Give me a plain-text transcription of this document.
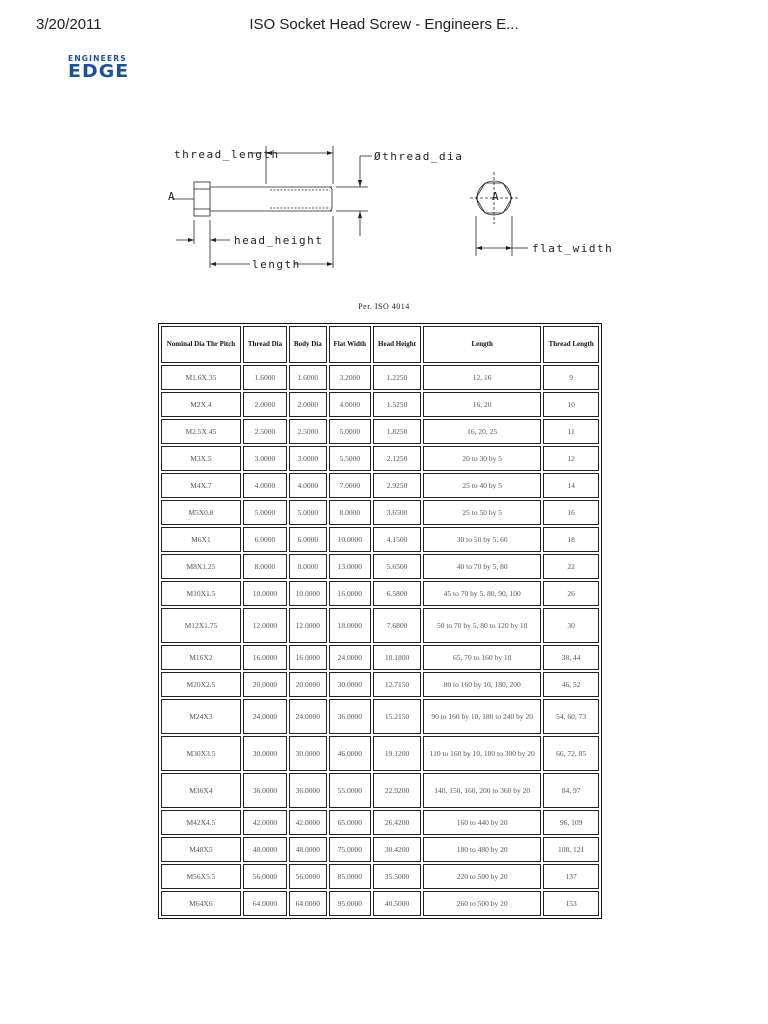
3/20/2011	ISO Socket Head Screw - Engineers E...
ENGINEERS
EDGE
thread_length	Øthread_dia
head_height
length
flat_width
A	A
Per. ISO 4014
Nominal Dia Thr Pitch	Thread Dia	Body Dia	Flat Width	Head Height	Length	Thread Length
M1.6X.35	1.6000	1.6000	3.2000	1.2250	12, 16	9
M2X.4	2.0000	2.0000	4.0000	1.5250	16, 20	10
M2.5X.45	2.5000	2.5000	5.0000	1.8250	16, 20, 25	11
M3X.5	3.0000	3.0000	5.5000	2.1250	20 to 30 by 5	12
M4X.7	4.0000	4.0000	7.0000	2.9250	25 to 40 by 5	14
M5X0.8	5.0000	5.0000	8.0000	3.6500	25 to 50 by 5	16
M6X1	6.0000	6.0000	10.0000	4.1500	30 to 50 by 5, 60	18
M8X1.25	8.0000	8.0000	13.0000	5.6500	40 to 70 by 5, 80	22
M10X1.5	10.0000	10.0000	16.0000	6.5800	45 to 70 by 5, 80, 90, 100	26
M12X1.75	12.0000	12.0000	18.0000	7.6800	50 to 70 by 5, 80 to 120 by 10	30
M16X2	16.0000	16.0000	24.0000	10.1800	65, 70 to 160 by 10	38, 44
M20X2.5	20.0000	20.0000	30.0000	12.7150	80 to 160 by 10, 180, 200	46, 52
M24X3	24.0000	24.0000	36.0000	15.2150	90 to 160 by 10, 180 to 240 by 20	54, 60, 73
M30X3.5	30.0000	30.0000	46.0000	19.1200	110 to 160 by 10, 180 to 300 by 20	66, 72, 85
M36X4	36.0000	36.0000	55.0000	22.9200	140, 150, 160, 200 to 360 by 20	84, 97
M42X4.5	42.0000	42.0000	65.0000	26.4200	160 to 440 by 20	96, 109
M48X5	48.0000	48.0000	75.0000	30.4200	180 to 480 by 20	108, 121
M56X5.5	56.0000	56.0000	85.0000	35.5000	220 to 500 by 20	137
M64X6	64.0000	64.0000	95.0000	40.5000	260 to 500 by 20	153
